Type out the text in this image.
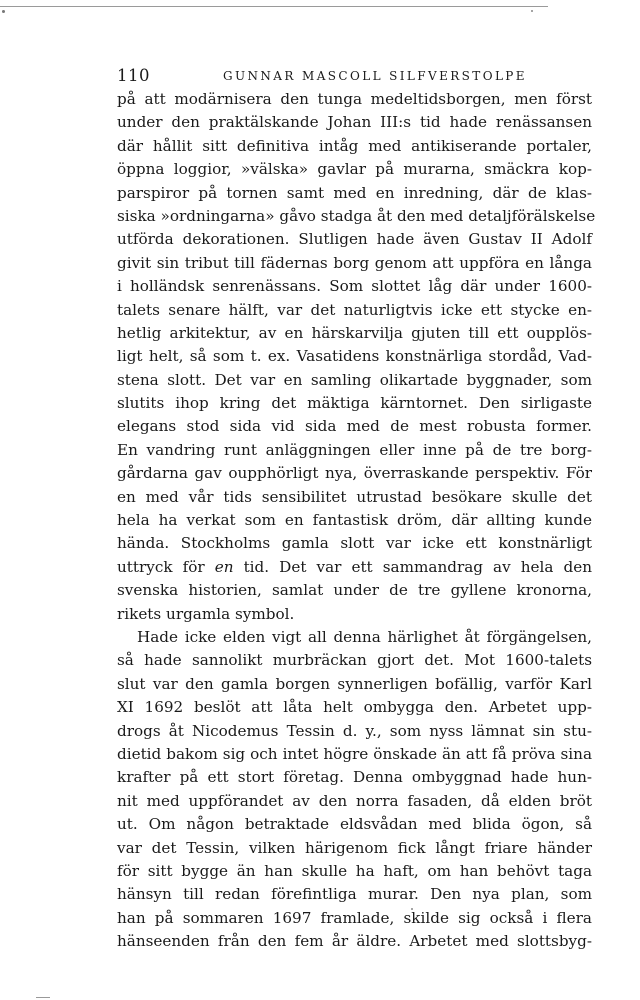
110	GUNNAR MASCOLL SILFVERSTOLPE
på att modärnisera den tunga medeltidsborgen, men först
under den praktälskande Johan III:s tid hade renässansen
där hållit sitt definitiva intåg med antikiserande portaler,
öppna loggior, »välska» gavlar på murarna, smäckra kop-
parspiror på tornen samt med en inredning, där de klas-
siska »ordningarna» gåvo stadga åt den med detaljförälskelse
utförda dekorationen. Slutligen hade även Gustav II Adolf
givit sin tribut till fädernas borg genom att uppföra en långa
i holländsk senrenässans. Som slottet låg där under 1600-
talets senare hälft, var det naturligtvis icke ett stycke en-
hetlig arkitektur, av en härskarvilja gjuten till ett oupplös-
ligt helt, så som t. ex. Vasatidens konstnärliga stordåd, Vad-
stena slott. Det var en samling olikartade byggnader, som
slutits ihop kring det mäktiga kärntornet. Den sirligaste
elegans stod sida vid sida med de mest robusta former.
En vandring runt anläggningen eller inne på de tre borg-
gårdarna gav oupphörligt nya, överraskande perspektiv. För
en med vår tids sensibilitet utrustad besökare skulle det
hela ha verkat som en fantastisk dröm, där allting kunde
hända. Stockholms gamla slott var icke ett konstnärligt
uttryck för en tid. Det var ett sammandrag av hela den
svenska historien, samlat under de tre gyllene kronorna,
rikets urgamla symbol.
Hade icke elden vigt all denna härlighet åt förgängelsen,
så hade sannolikt murbräckan gjort det. Mot 1600-talets
slut var den gamla borgen synnerligen bofällig, varför Karl
XI 1692 beslöt att låta helt ombygga den. Arbetet upp-
drogs åt Nicodemus Tessin d. y., som nyss lämnat sin stu-
dietid bakom sig och intet högre önskade än att få pröva sina
krafter på ett stort företag. Denna ombyggnad hade hun-
nit med uppförandet av den norra fasaden, då elden bröt
ut. Om någon betraktade eldsvådan med blida ögon, så
var det Tessin, vilken härigenom fick långt friare händer
för sitt bygge än han skulle ha haft, om han behövt taga
hänsyn till redan förefintliga murar. Den nya plan, som
han på sommaren 1697 framlade, skilde sig också i flera
hänseenden från den fem år äldre. Arbetet med slottsbyg-
